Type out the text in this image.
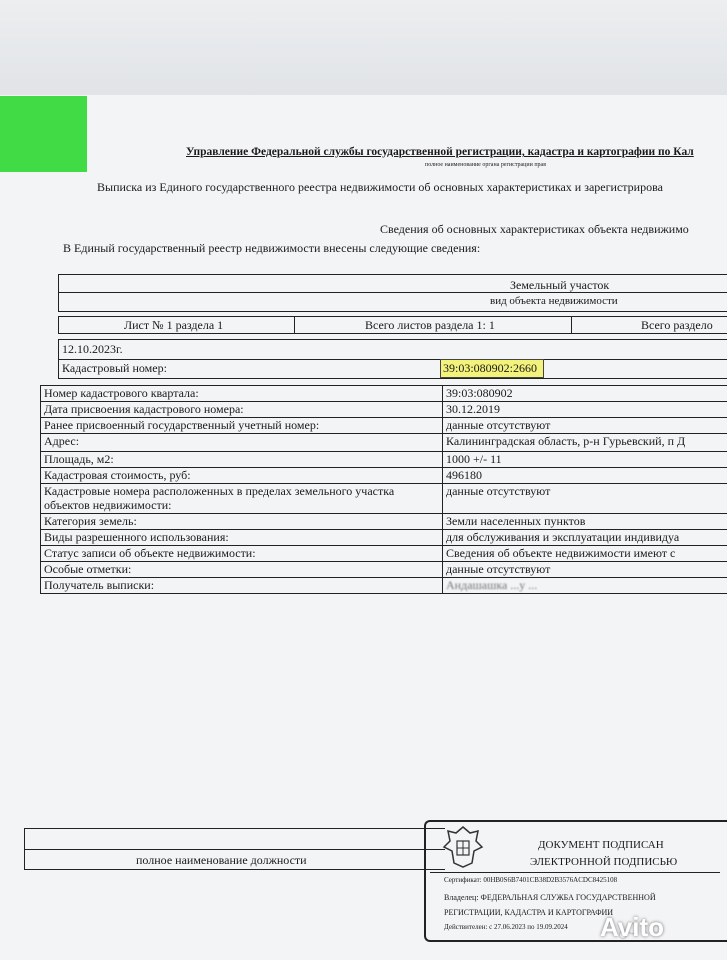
Управление Федеральной службы государственной регистрации, кадастра и картографии по Кал
полное наименование органа регистрации прав
Выписка из Единого государственного реестра недвижимости об основных характеристиках и зарегистрирова
Сведения об основных характеристиках объекта недвижимо
В Единый государственный реестр недвижимости внесены следующие сведения:
Земельный участок
вид объекта недвижимости
Лист № 1 раздела 1	Всего листов раздела 1: 1	Всего раздело
12.10.2023г.
Кадастровый номер:	39:03:080902:2660
Номер кадастрового квартала:	39:03:080902
Дата присвоения кадастрового номера:	30.12.2019
Ранее присвоенный государственный учетный номер:	данные отсутствуют
Адрес:	Калининградская область, р-н Гурьевский, п Д
Площадь, м2:	1000 +/- 11
Кадастровая стоимость, руб:	496180
Кадастровые номера расположенных в пределах земельного участка объектов недвижимости:	данные отсутствуют
Категория земель:	Земли населенных пунктов
Виды разрешенного использования:	для обслуживания и эксплуатации индивидуа
Статус записи об объекте недвижимости:	Сведения об объекте недвижимости имеют с
Особые отметки:	данные отсутствуют
Получатель выписки:	Андашашка ...у ...
полное наименование должности
ДОКУМЕНТ ПОДПИСАН
ЭЛЕКТРОННОЙ ПОДПИСЬЮ
Сертификат: 00HB0S6B7401CB38D2B3576ACDC8425108
Владелец: ФЕДЕРАЛЬНАЯ СЛУЖБА ГОСУДАРСТВЕННОЙ
РЕГИСТРАЦИИ, КАДАСТРА И КАРТОГРАФИИ
Действителен: с 27.06.2023 по 19.09.2024 Avito
